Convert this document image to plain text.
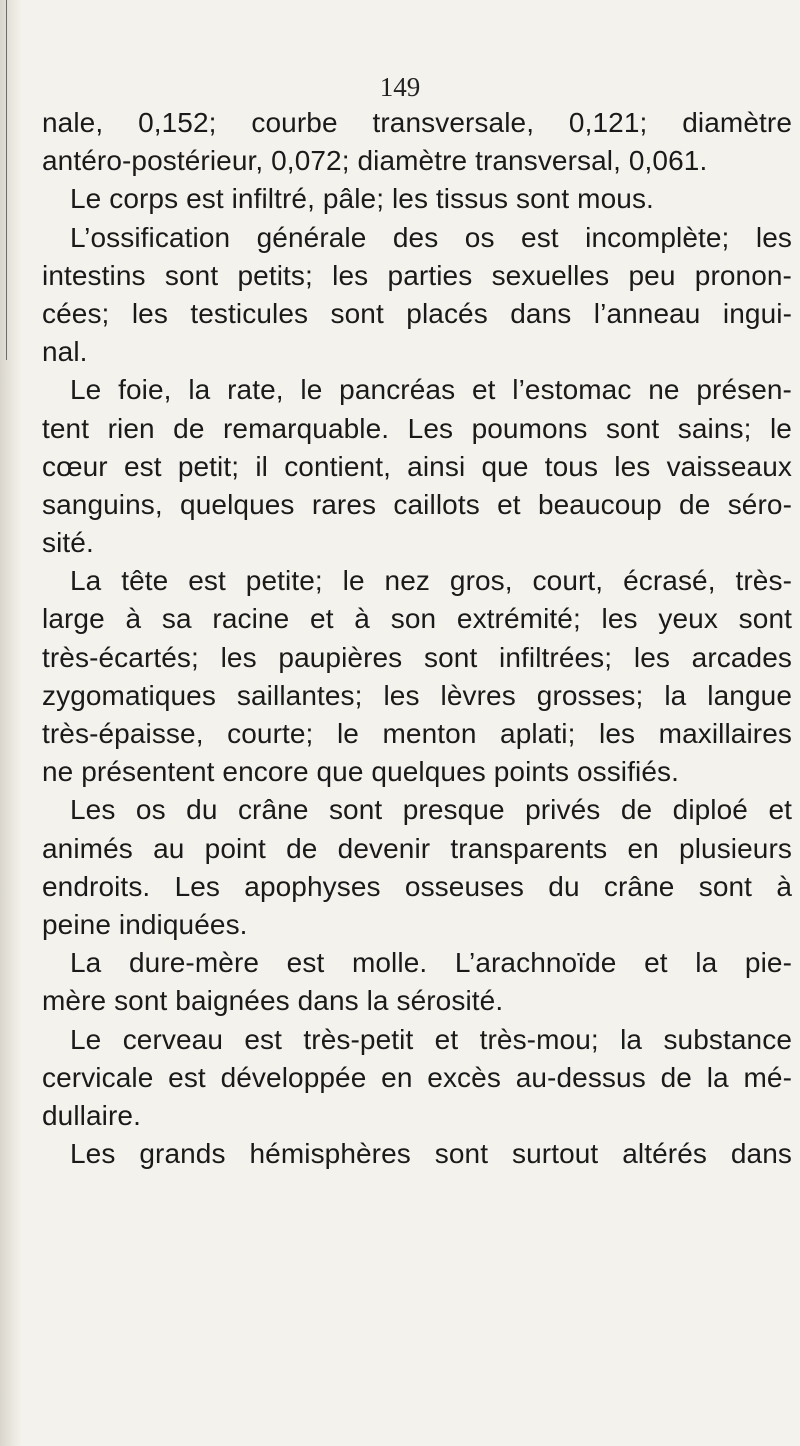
149
nale, 0,152; courbe transversale, 0,121; diamètre
antéro-postérieur, 0,072; diamètre transversal, 0,061.
Le corps est infiltré, pâle; les tissus sont mous.
L’ossification générale des os est incomplète; les
intestins sont petits; les parties sexuelles peu pronon-
cées; les testicules sont placés dans l’anneau ingui-
nal.
Le foie, la rate, le pancréas et l’estomac ne présen-
tent rien de remarquable. Les poumons sont sains; le
cœur est petit; il contient, ainsi que tous les vaisseaux
sanguins, quelques rares caillots et beaucoup de séro-
sité.
La tête est petite; le nez gros, court, écrasé, très-
large à sa racine et à son extrémité; les yeux sont
très-écartés; les paupières sont infiltrées; les arcades
zygomatiques saillantes; les lèvres grosses; la langue
très-épaisse, courte; le menton aplati; les maxillaires
ne présentent encore que quelques points ossifiés.
Les os du crâne sont presque privés de diploé et
animés au point de devenir transparents en plusieurs
endroits. Les apophyses osseuses du crâne sont à
peine indiquées.
La dure-mère est molle. L’arachnoïde et la pie-
mère sont baignées dans la sérosité.
Le cerveau est très-petit et très-mou; la substance
cervicale est développée en excès au-dessus de la mé-
dullaire.
Les grands hémisphères sont surtout altérés dans
